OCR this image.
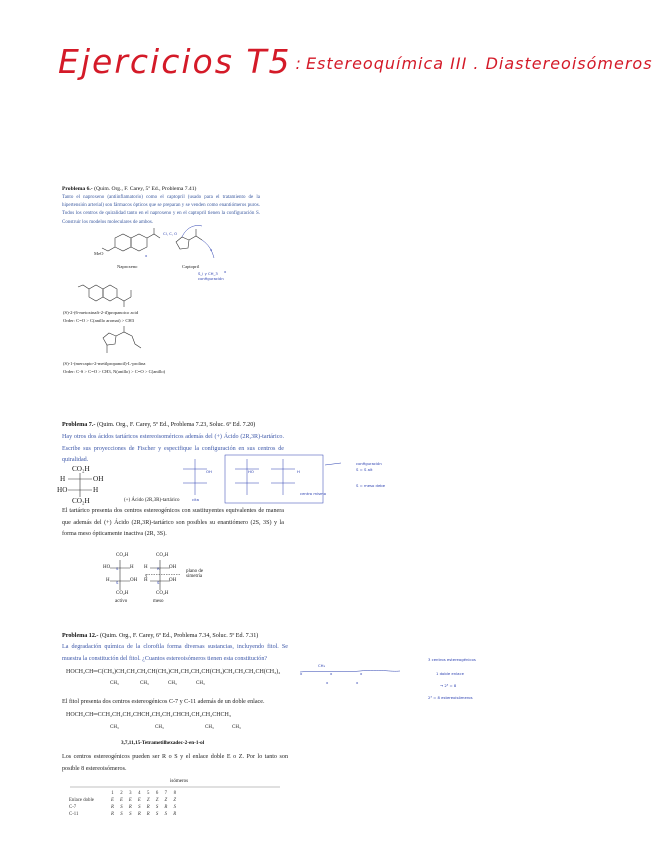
Ejercicios T5 : Estereoquímica III . Diastereoisómeros
Problema 6.- (Quim. Org., F. Carey, 5º Ed., Problema 7.41)
Tanto el naproxeno (antiinflamatorio) como el captopril (usado para el tratamiento de la hipertensión arterial) son fármacos ópticos que se preparan y se venden como enantiómeros puros. Todos los centros de quiralidad tanto en el naproxeno y en el captopril tienen la configuración S. Construir los modelos moleculares de ambos.
MeO
Naproxeno	Captopril
Cl, C, O
x
x
x
S_i y CH_3
configuración
(S)-2-(6-metoxinaft-2-il)propanoico acid
Order: C=O > C(anillo aromat) > CH3
(S)-1-(mercapto-2-metilpropanoil)-L-prolina
Order: C-S > C=O > CH3, N(anillo) > C=O > C(anillo)
Problema 7.- (Quim. Org., F. Carey, 5º Ed., Problema 7.23, Soluc. 6º Ed. 7.20)
Hay otros dos ácidos tartáricos estereoisoméricos además del (+) Ácido (2R,3R)-tartárico. Escribe sus proyecciones de Fischer y especifique la configuración en sus centros de quiralidad.
CO₂H
H	OH
HO	H
CO₂H	(+) Ácido (2R,3R)-tartárico	cita
OH	HO	H
centro mismo
configuración
S = S alt
S = meso debe
El tartárico presenta dos centros estereogénicos con sustituyentes equivalentes de manera que además del (+) Ácido (2R,3R)-tartárico son posibles su enantiómero (2S, 3S) y la forma meso ópticamente inactiva (2R, 3S).
CO₂H
HO	H
H	OH
CO₂H
S
S
activo
y
CO₂H
H	OH
H	OH
CO₂H
R
S
meso
plano de simetría
Problema 12.- (Quim. Org., F. Carey, 6º Ed., Problema 7.34, Soluc. 5º Ed. 7.31)
La degradación química de la clorofila forma diversas sustancias, incluyendo fitol. Se muestra la constitución del fitol. ¿Cuantos estereoisómeros tienen esta constitución?
HOCH₂CH═C(CH₃)CH₂CH₂CH₂CH(CH₃)CH₂CH₂CH₂CH(CH₃)CH₂CH₂CH₂CH(CH₃)₂
CH₃	CH₃	CH₃	CH₃
CH₃
x	x	x
x	x
3 centros estereogénicos
1 doble enlace
→ 2³ = 8
2³ = 8 estereoisómeros
El fitol presenta dos centros estereogénicos C-7 y C-11 además de un doble enlace.
HOCH₂CH═CCH₂CH₂CH₂CHCH₂CH₂CH₂CHCH₂CH₂CH₂CHCH₃
CH₃	CH₃	CH₃	CH₃
3,7,11,15-Tetrametilhexadec-2-en-1-ol
Los centros estereogénicos pueden ser R o S y el enlace doble E o Z. Por lo tanto son posible 8 estereoisómeros.
isómeros
	1	2	3	4	5	6	7	8
Enlace doble	E	E	E	E	Z	Z	Z	Z
C-7	R	S	R	S	R	S	R	S
C-11	R	S	S	R	R	S	S	R
